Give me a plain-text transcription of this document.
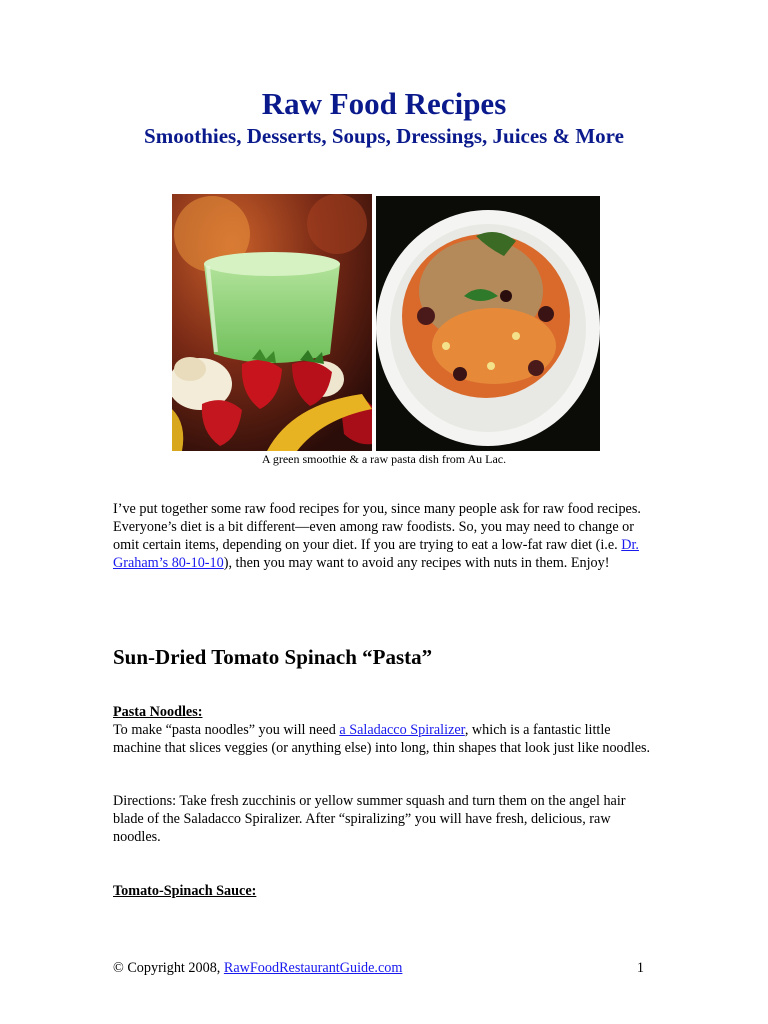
Raw Food Recipes
Smoothies, Desserts, Soups, Dressings, Juices & More
A green smoothie & a raw pasta dish from Au Lac.

I’ve put together some raw food recipes for you, since many people ask for raw food recipes. Everyone’s diet is a bit different—even among raw foodists. So, you may need to change or omit certain items, depending on your diet. If you are trying to eat a low-fat raw diet (i.e. Dr. Graham’s 80-10-10), then you may want to avoid any recipes with nuts in them. Enjoy!

Sun-Dried Tomato Spinach “Pasta”
Pasta Noodles:

To make “pasta noodles” you will need a Saladacco Spiralizer, which is a fantastic little machine that slices veggies (or anything else) into long, thin shapes that look just like noodles.

Directions: Take fresh zucchinis or yellow summer squash and turn them on the angel hair blade of the Saladacco Spiralizer. After “spiralizing” you will have fresh, delicious, raw noodles.

Tomato-Spinach Sauce:
© Copyright 2008, RawFoodRestaurantGuide.com	1
